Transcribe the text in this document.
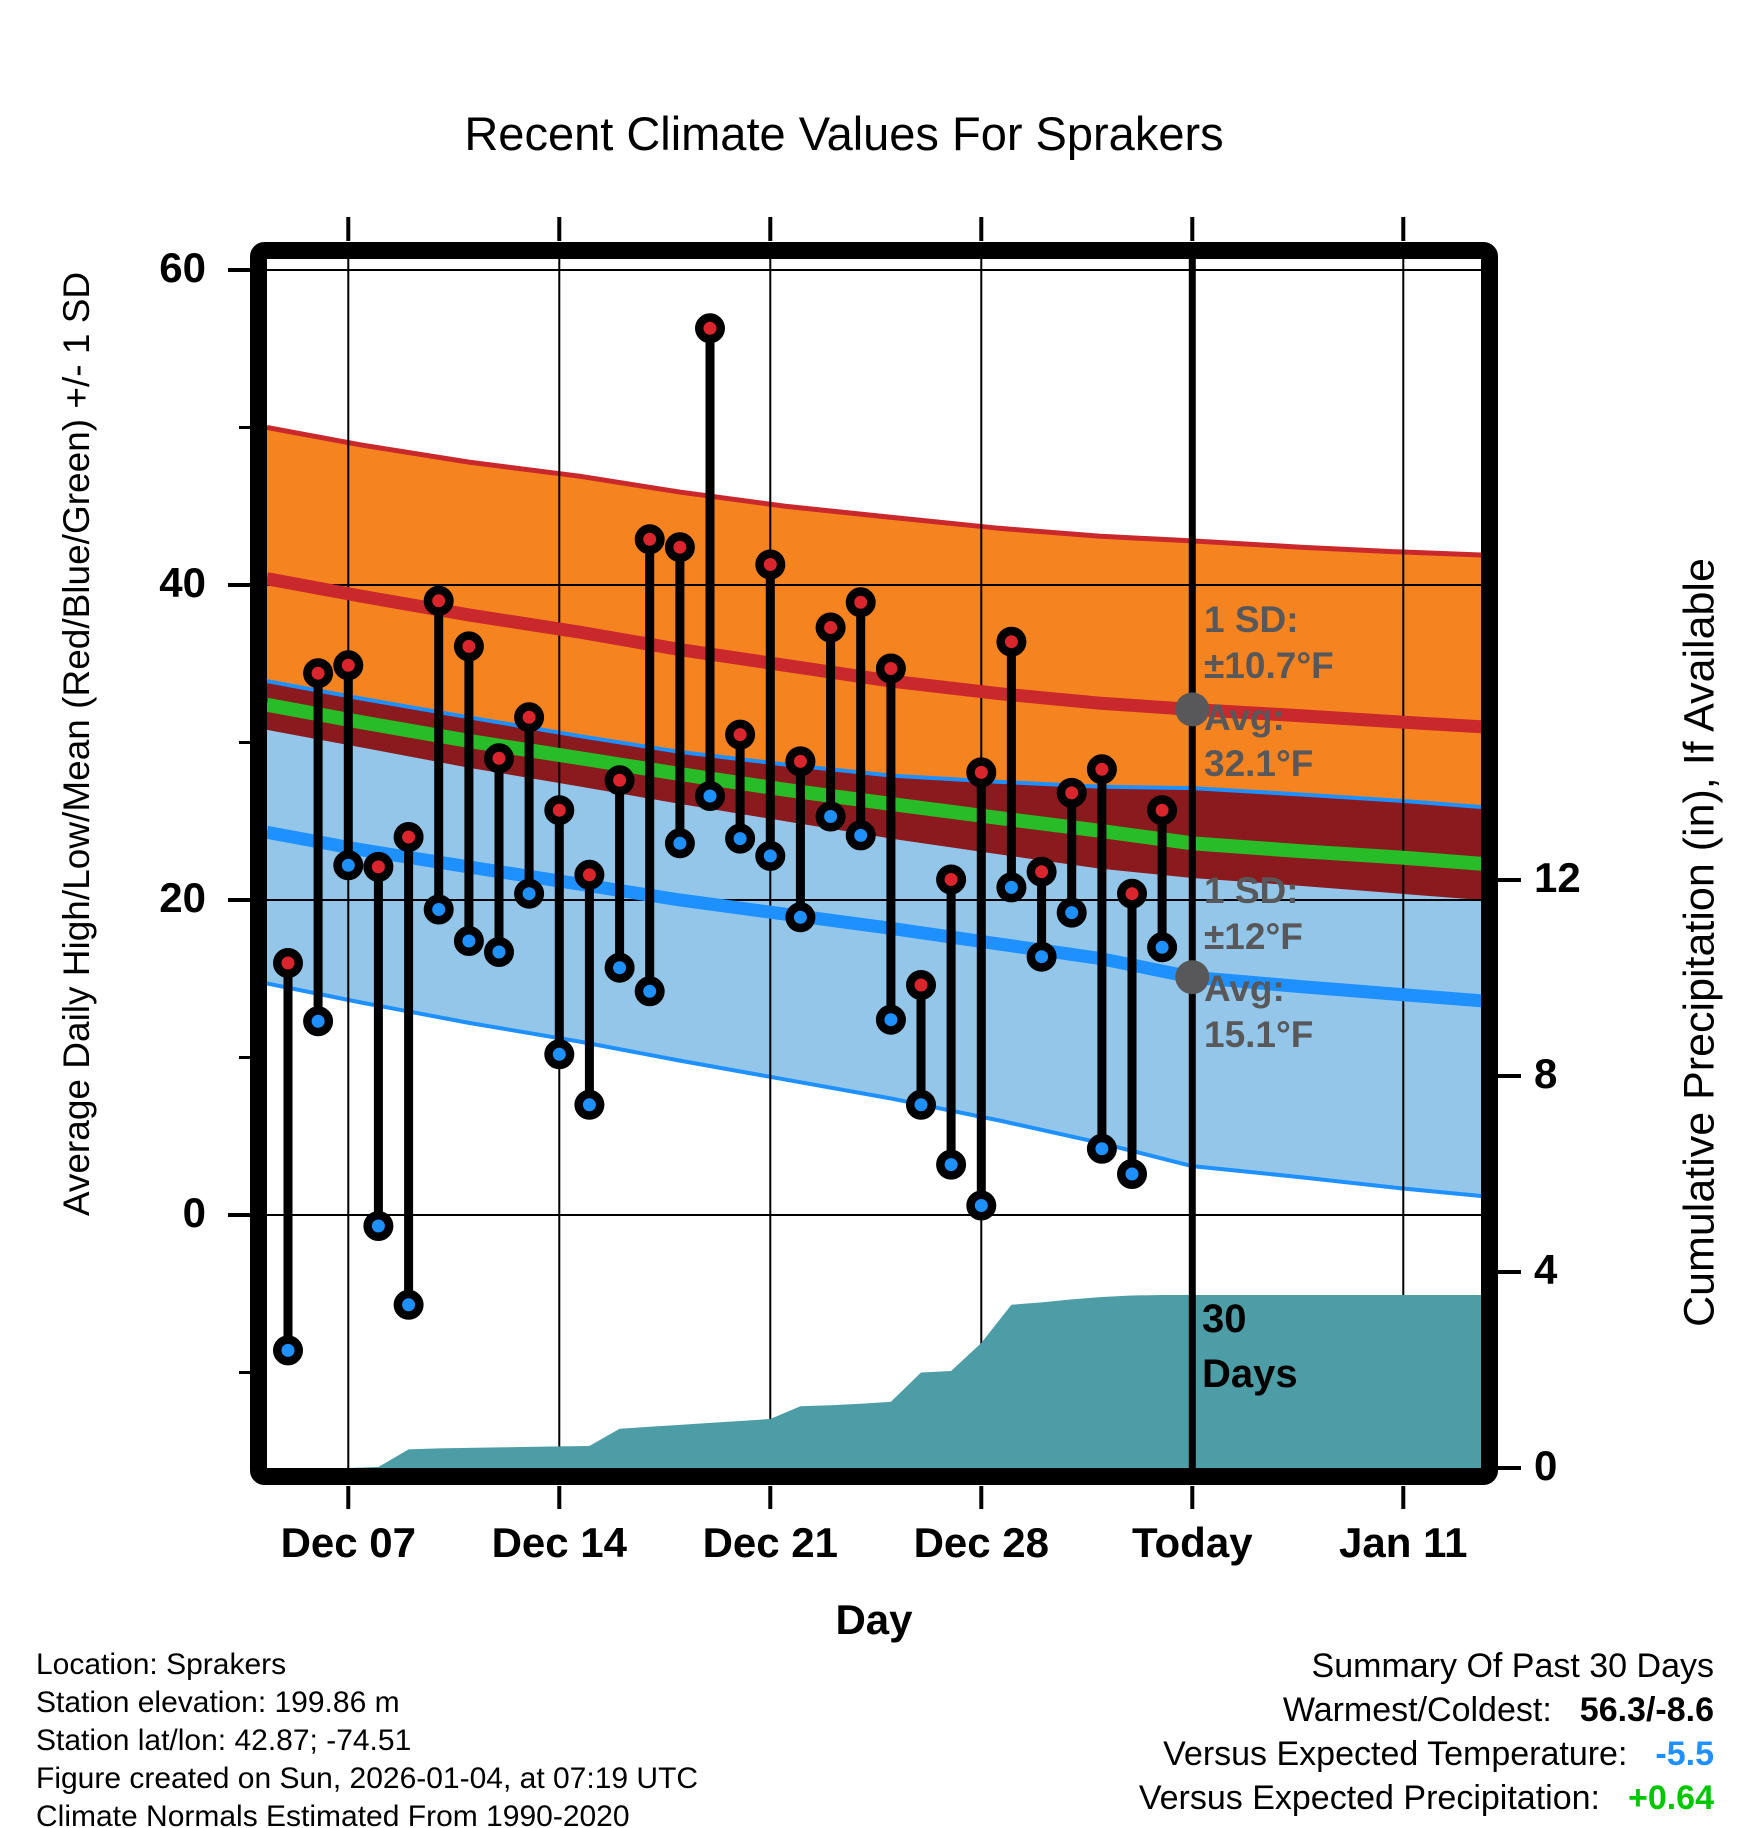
Recent Climate Values For Sprakers
Average Daily High/Low/Mean (Red/Blue/Green) +/- 1 SD	Cumulative Precipitation (in), If Available
Day
60
40
20
0
12
8
4
0
Dec 07	Dec 14	Dec 21	Dec 28	Today	Jan 11
1 SD:
±10.7°F
Avg:
32.1°F
1 SD:
±12°F
Avg:
15.1°F
30
Days
Location: Sprakers
Station elevation: 199.86 m
Station lat/lon: 42.87; -74.51
Figure created on Sun, 2026-01-04, at 07:19 UTC
Climate Normals Estimated From 1990-2020
Summary Of Past 30 Days
Warmest/Coldest: 56.3/-8.6
Versus Expected Temperature: -5.5
Versus Expected Precipitation: +0.64
